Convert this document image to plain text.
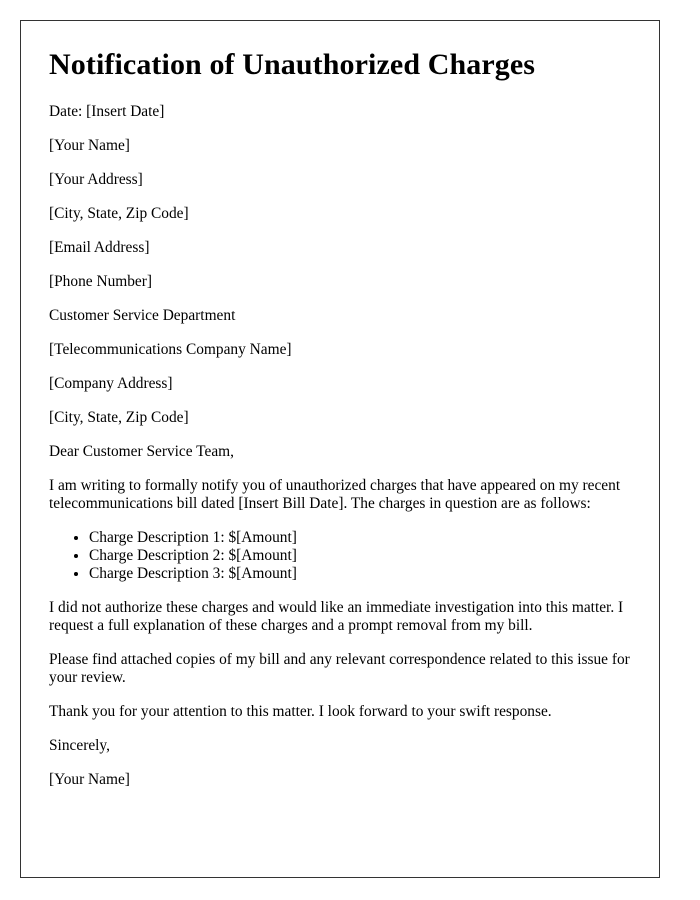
Notification of Unauthorized Charges

Date: [Insert Date]

[Your Name]

[Your Address]

[City, State, Zip Code]

[Email Address]

[Phone Number]

Customer Service Department

[Telecommunications Company Name]

[Company Address]

[City, State, Zip Code]

Dear Customer Service Team,

I am writing to formally notify you of unauthorized charges that have appeared on my recent telecommunications bill dated [Insert Bill Date]. The charges in question are as follows:

• Charge Description 1: $[Amount]
• Charge Description 2: $[Amount]
• Charge Description 3: $[Amount]

I did not authorize these charges and would like an immediate investigation into this matter. I request a full explanation of these charges and a prompt removal from my bill.

Please find attached copies of my bill and any relevant correspondence related to this issue for your review.

Thank you for your attention to this matter. I look forward to your swift response.

Sincerely,

[Your Name]
